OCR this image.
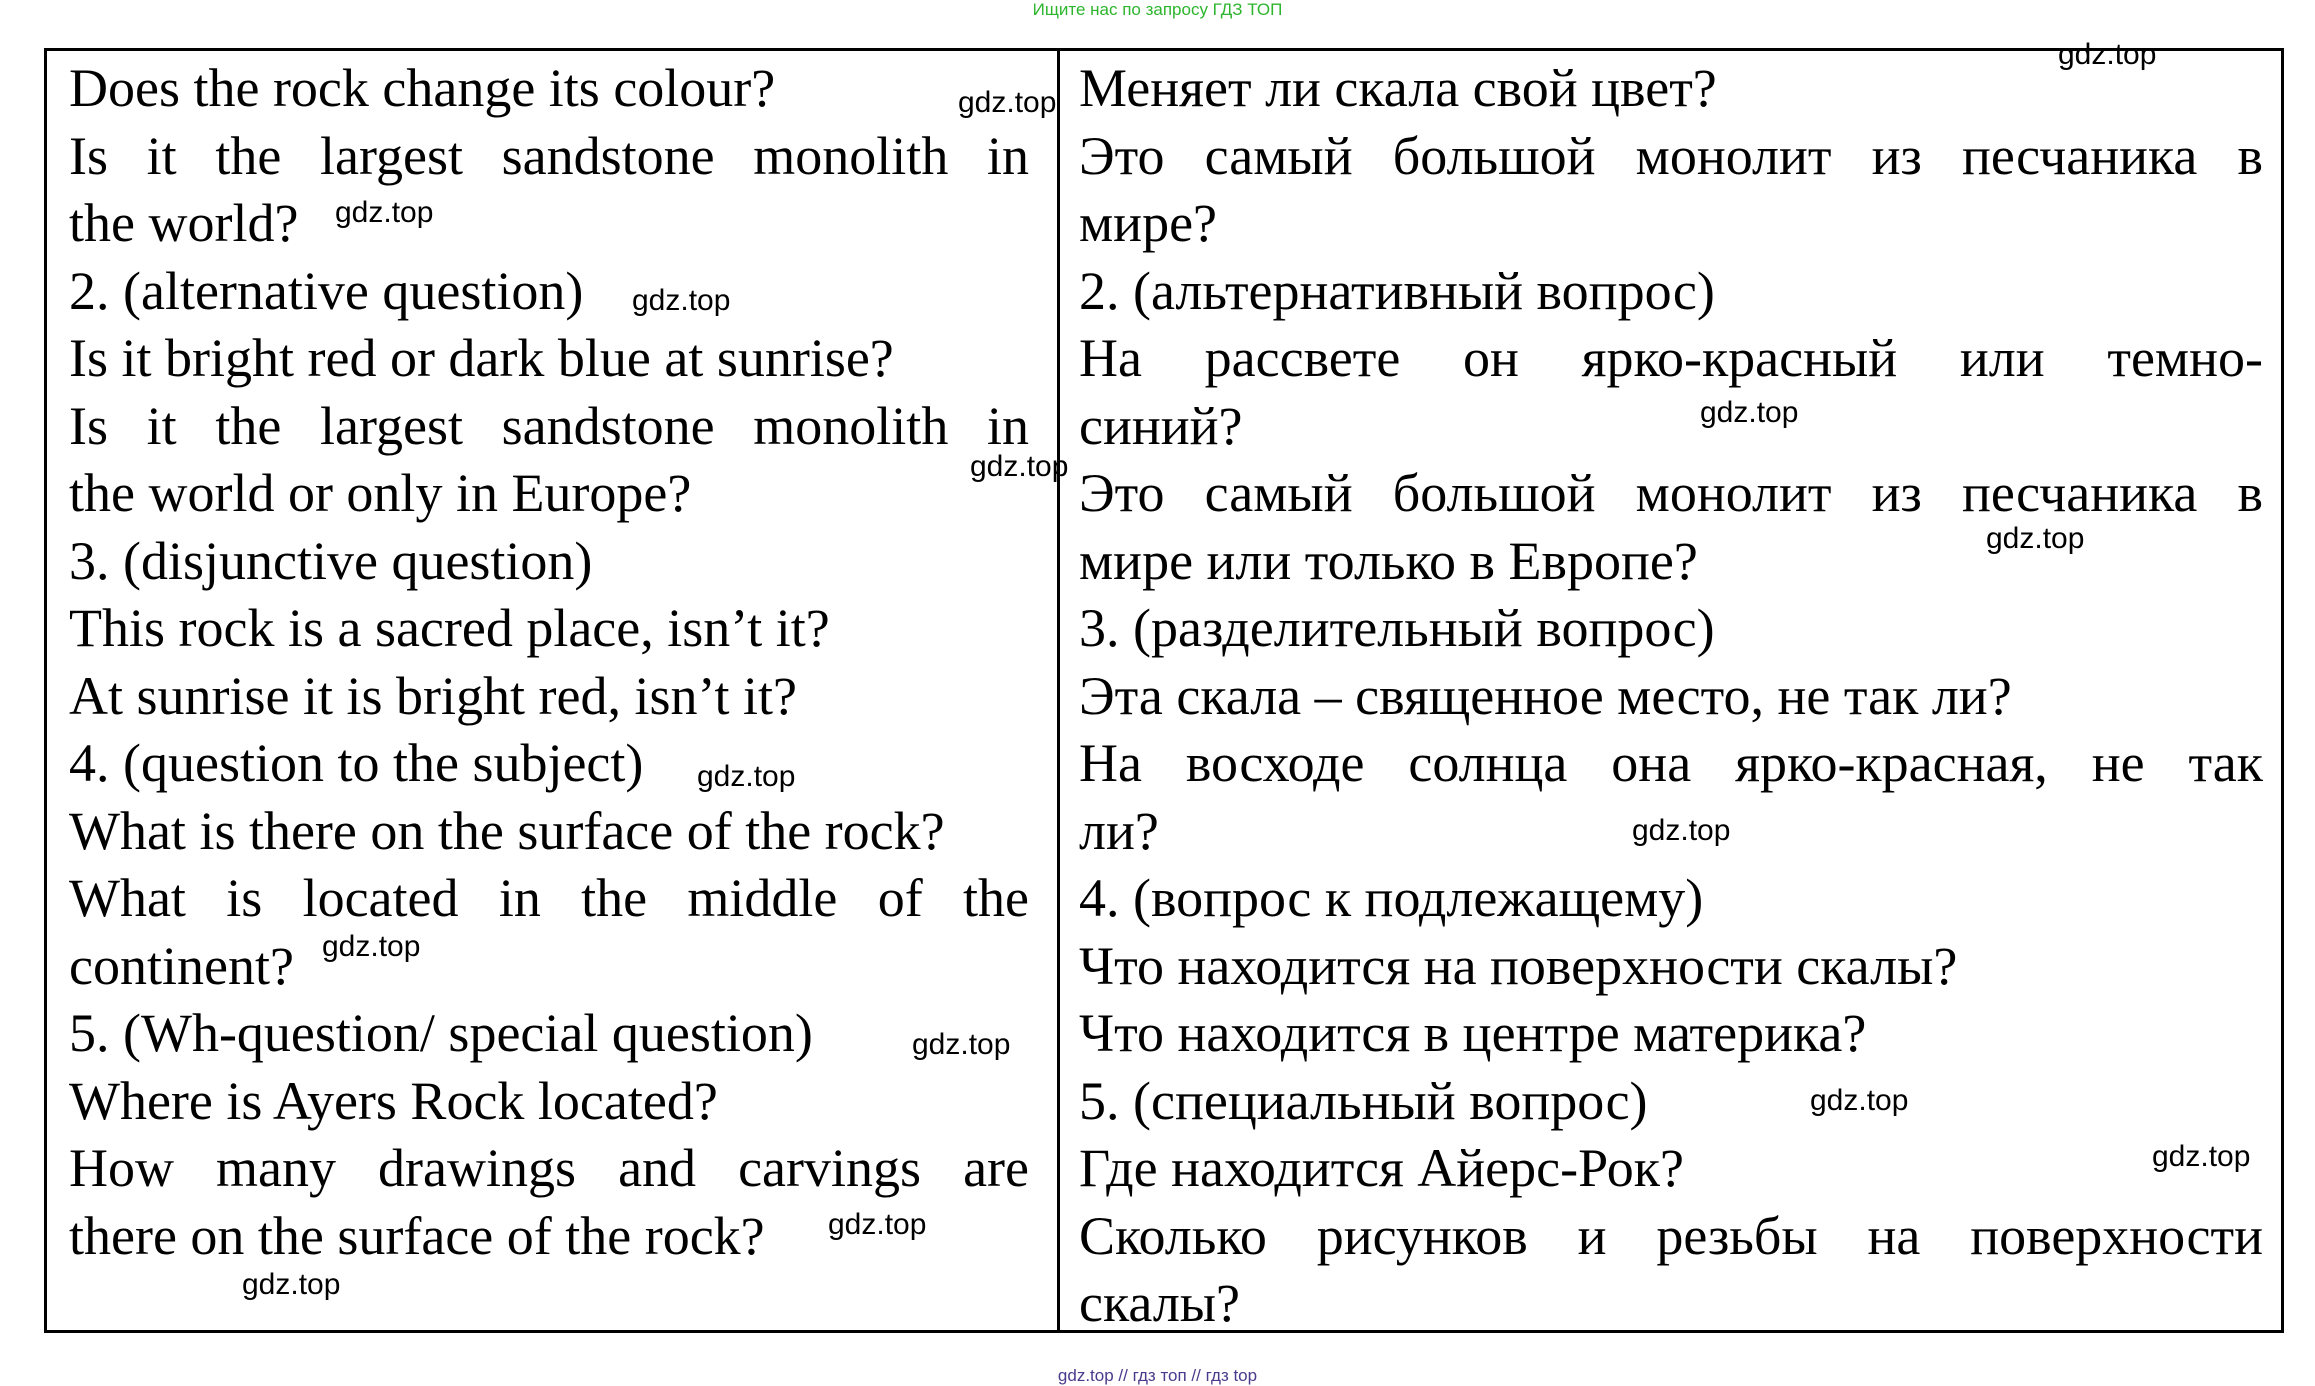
Ищите нас по запросу ГДЗ ТОП
Does the rock change its colour?
Is it the largest sandstone monolith in
the world?
2. (alternative question)
Is it bright red or dark blue at sunrise?
Is it the largest sandstone monolith in
the world or only in Europe?
3. (disjunctive question)
This rock is a sacred place, isn’t it?
At sunrise it is bright red, isn’t it?
4. (question to the subject)
What is there on the surface of the rock?
What is located in the middle of the
continent?
5. (Wh-question/ special question)
Where is Ayers Rock located?
How many drawings and carvings are
there on the surface of the rock?
Меняет ли скала свой цвет?
Это самый большой монолит из песчаника в
мире?
2. (альтернативный вопрос)
На рассвете он ярко-красный или темно-
синий?
Это самый большой монолит из песчаника в
мире или только в Европе?
3. (разделительный вопрос)
Эта скала – священное место, не так ли?
На восходе солнца она ярко-красная, не так
ли?
4. (вопрос к подлежащему)
Что находится на поверхности скалы?
Что находится в центре материка?
5. (специальный вопрос)
Где находится Айерс-Рок?
Сколько рисунков и резьбы на поверхности
скалы?
gdz.top
gdz.top
gdz.top
gdz.top
gdz.top
gdz.top
gdz.top
gdz.top
gdz.top
gdz.top
gdz.top
gdz.top
gdz.top
gdz.top
gdz.top
gdz.top // гдз топ // гдз top
